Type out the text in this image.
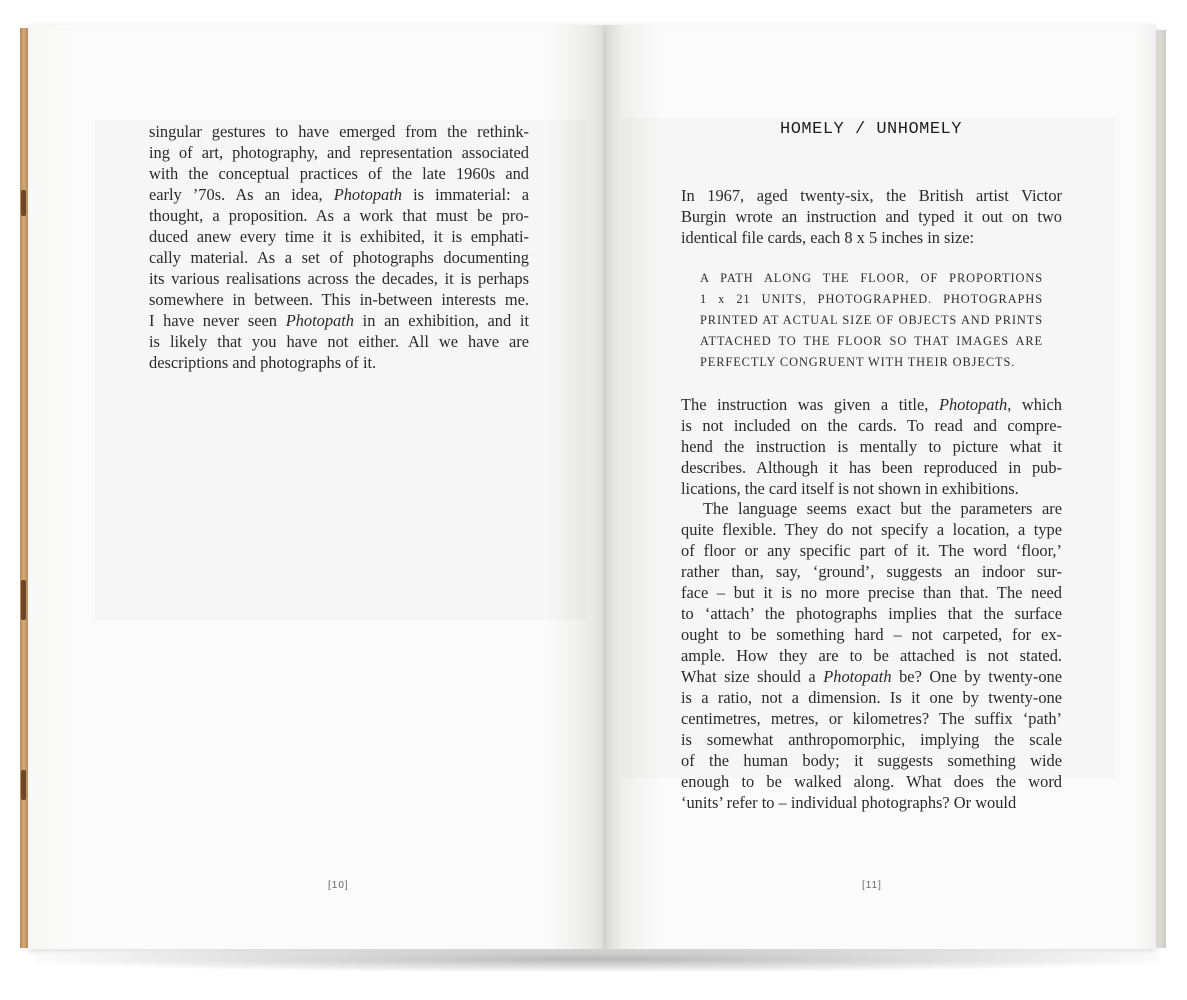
singular gestures to have emerged from the rethink-
ing of art, photography, and representation associated
with the conceptual practices of the late 1960s and
early ’70s. As an idea, Photopath is immaterial: a
thought, a proposition. As a work that must be pro-
duced anew every time it is exhibited, it is emphati-
cally material. As a set of photographs documenting
its various realisations across the decades, it is perhaps
somewhere in between. This in-between interests me.
I have never seen Photopath in an exhibition, and it
is likely that you have not either. All we have are
descriptions and photographs of it.
HOMELY / UNHOMELY
In 1967, aged twenty-six, the British artist Victor
Burgin wrote an instruction and typed it out on two
identical file cards, each 8 x 5 inches in size:
A PATH ALONG THE FLOOR, OF PROPORTIONS
1 x 21 UNITS, PHOTOGRAPHED. PHOTOGRAPHS
PRINTED AT ACTUAL SIZE OF OBJECTS AND PRINTS
ATTACHED TO THE FLOOR SO THAT IMAGES ARE
PERFECTLY CONGRUENT WITH THEIR OBJECTS.
The instruction was given a title, Photopath, which
is not included on the cards. To read and compre-
hend the instruction is mentally to picture what it
describes. Although it has been reproduced in pub-
lications, the card itself is not shown in exhibitions.
The language seems exact but the parameters are
quite flexible. They do not specify a location, a type
of floor or any specific part of it. The word ‘floor,’
rather than, say, ‘ground’, suggests an indoor sur-
face – but it is no more precise than that. The need
to ‘attach’ the photographs implies that the surface
ought to be something hard – not carpeted, for ex-
ample. How they are to be attached is not stated.
What size should a Photopath be? One by twenty-one
is a ratio, not a dimension. Is it one by twenty-one
centimetres, metres, or kilometres? The suffix ‘path’
is somewhat anthropomorphic, implying the scale
of the human body; it suggests something wide
enough to be walked along. What does the word
‘units’ refer to – individual photographs? Or would
[10]	[11]
